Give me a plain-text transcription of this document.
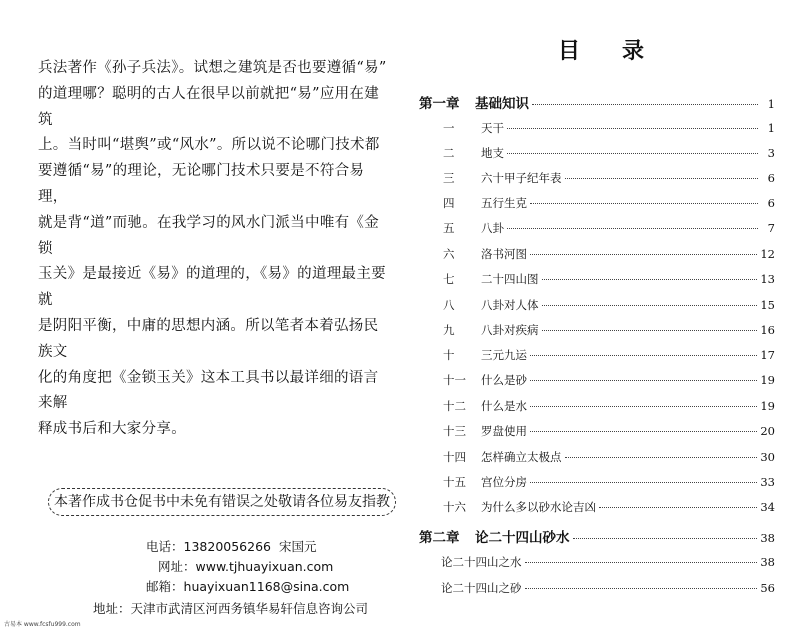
兵法著作《孙子兵法》。试想之建筑是否也要遵循“易”

的道理哪？聪明的古人在很早以前就把“易”应用在建筑

上。当时叫“堪舆”或“风水”。所以说不论哪门技术都

要遵循“易”的理论，无论哪门技术只要是不符合易理，

就是背“道”而驰。在我学习的风水门派当中唯有《金锁

玉关》是最接近《易》的道理的，《易》的道理最主要就

是阴阳平衡，中庸的思想内涵。所以笔者本着弘扬民族文

化的角度把《金锁玉关》这本工具书以最详细的语言来解

释成书后和大家分享。

本著作成书仓促书中未免有错误之处敬请各位易友指教
电话：13820056266 宋国元
网址：www.tjhuayixuan.com
邮箱：huayixuan1168@sina.com
地址：天津市武清区河西务镇华易轩信息咨询公司
古易本 www.fcsfu999.com
目录
第一章	基础知识	1
一	天干	1
二	地支	3
三	六十甲子纪年表	6
四	五行生克	6
五	八卦	7
六	洛书河图	12
七	二十四山图	13
八	八卦对人体	15
九	八卦对疾病	16
十	三元九运	17
十一	什么是砂	19
十二	什么是水	19
十三	罗盘使用	20
十四	怎样确立太极点	30
十五	宫位分房	33
十六	为什么多以砂水论吉凶	34
第二章	论二十四山砂水	38
论二十四山之水	38
论二十四山之砂	56
